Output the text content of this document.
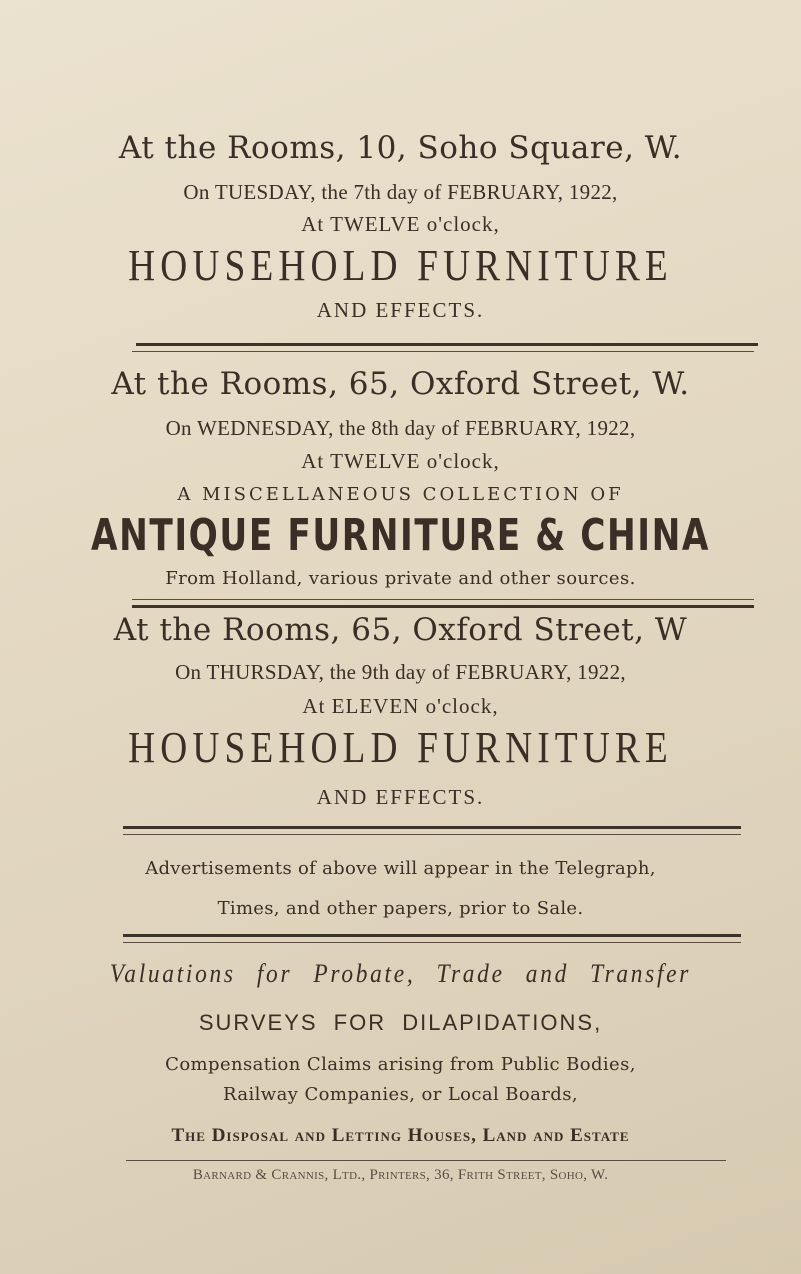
At the Rooms, 10, Soho Square, W.
On TUESDAY, the 7th day of FEBRUARY, 1922,
At TWELVE o'clock,
HOUSEHOLD FURNITURE
AND EFFECTS.
At the Rooms, 65, Oxford Street, W.
On WEDNESDAY, the 8th day of FEBRUARY, 1922,
At TWELVE o'clock,
A MISCELLANEOUS COLLECTION OF
ANTIQUE FURNITURE & CHINA
From Holland, various private and other sources.
At the Rooms, 65, Oxford Street, W
On THURSDAY, the 9th day of FEBRUARY, 1922,
At ELEVEN o'clock,
HOUSEHOLD FURNITURE
AND EFFECTS.
Advertisements of above will appear in the Telegraph,
Times, and other papers, prior to Sale.
Valuations for Probate, Trade and Transfer
SURVEYS FOR DILAPIDATIONS,
Compensation Claims arising from Public Bodies,
Railway Companies, or Local Boards,
The Disposal and Letting Houses, Land and Estate
Barnard & Crannis, Ltd., Printers, 36, Frith Street, Soho, W.
